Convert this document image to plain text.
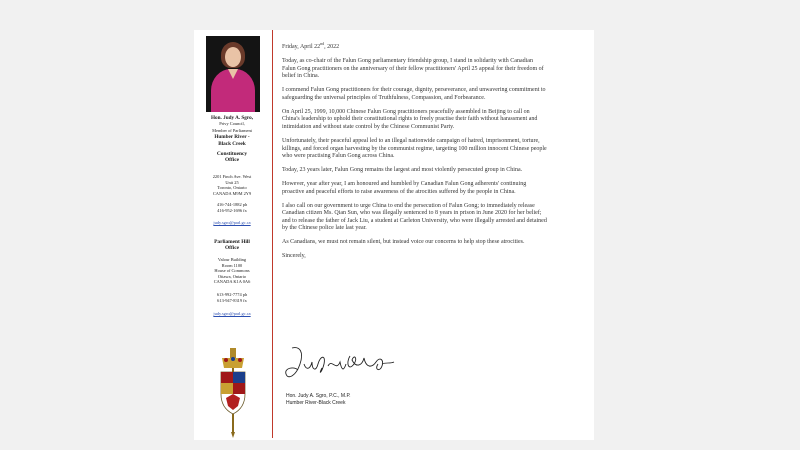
Hon. Judy A. Sgro,
Privy Council,
Member of Parliament
Humber River -
Black Creek
Constituency
Office
2201 Finch Ave. West
Unit 25
Toronto, Ontario
CANADA M9M 2Y9
416-744-1882 ph
416-952-1696 fx
judy.sgro@parl.gc.ca
Parliament Hill
Office
Valour Building
Room 1100
House of Commons
Ottawa, Ontario
CANADA K1A 0A6
613-992-7774 ph
613-947-8319 fx
judy.sgro@parl.gc.ca

Friday, April 22nd, 2022

Today, as co-chair of the Falun Gong parliamentary friendship group, I stand in solidarity with Canadian Falun Gong practitioners on the anniversary of their fellow practitioners' April 25 appeal for their freedom of belief in China.

I commend Falun Gong practitioners for their courage, dignity, perseverance, and unwavering commitment to safeguarding the universal principles of Truthfulness, Compassion, and Forbearance.

On April 25, 1999, 10,000 Chinese Falun Gong practitioners peacefully assembled in Beijing to call on China's leadership to uphold their constitutional rights to freely practise their faith without harassment and intimidation and without state control by the Chinese Communist Party.

Unfortunately, their peaceful appeal led to an illegal nationwide campaign of hatred, imprisonment, torture, killings, and forced organ harvesting by the communist regime, targeting 100 million innocent Chinese people who were practising Falun Gong across China.

Today, 23 years later, Falun Gong remains the largest and most violently persecuted group in China.

However, year after year, I am honoured and humbled by Canadian Falun Gong adherents' continuing proactive and peaceful efforts to raise awareness of the atrocities suffered by the people in China.

I also call on our government to urge China to end the persecution of Falun Gong; to immediately release Canadian citizen Ms. Qian Sun, who was illegally sentenced to 8 years in prison in June 2020 for her belief; and to release the father of Jack Liu, a student at Carleton University, who were illegally arrested and detained by the Chinese police late last year.

As Canadians, we must not remain silent, but instead voice our concerns to help stop these atrocities.

Sincerely,

Hon. Judy A. Sgro, P.C., M.P.
Humber River-Black Creek
